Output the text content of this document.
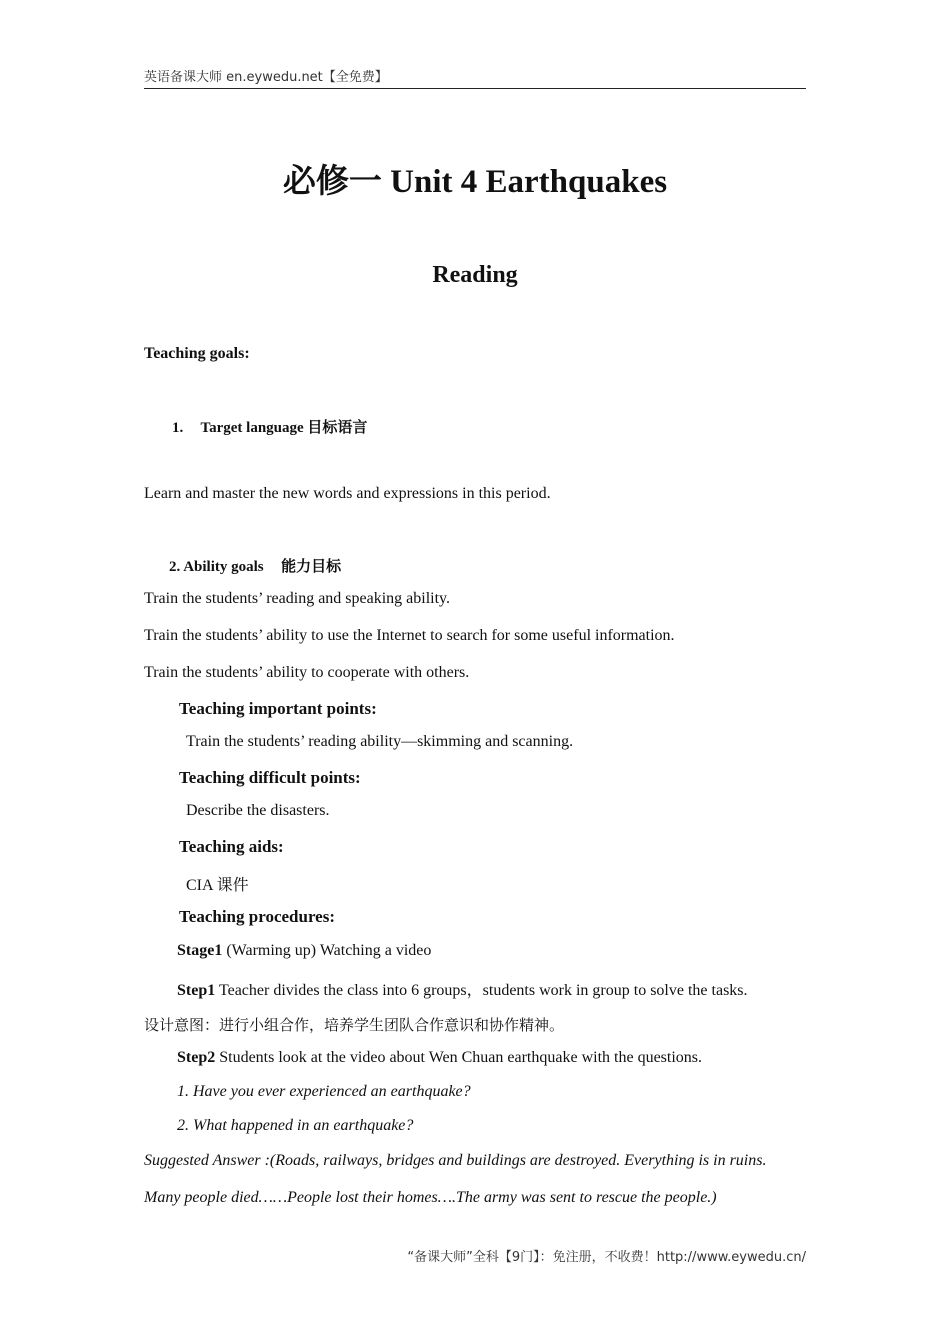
英语备课大师 en.eywedu.net【全免费】
必修一 Unit 4 Earthquakes
Reading
Teaching goals:
1. Target language 目标语言
Learn and master the new words and expressions in this period.
2. Ability goals 能力目标
Train the students’ reading and speaking ability.
Train the students’ ability to use the Internet to search for some useful information.
Train the students’ ability to cooperate with others.
Teaching important points:
Train the students’ reading ability—skimming and scanning.
Teaching difficult points:
Describe the disasters.
Teaching aids:
CIA 课件
Teaching procedures:
Stage1 (Warming up) Watching a video
Step1 Teacher divides the class into 6 groups，students work in group to solve the tasks.
设计意图：进行小组合作，培养学生团队合作意识和协作精神。
Step2 Students look at the video about Wen Chuan earthquake with the questions.
1. Have you ever experienced an earthquake?
2. What happened in an earthquake?
Suggested Answer :(Roads, railways, bridges and buildings are destroyed. Everything is in ruins.
Many people died……People lost their homes….The army was sent to rescue the people.)
“备课大师”全科【9门】：免注册，不收费！http://www.eywedu.cn/
